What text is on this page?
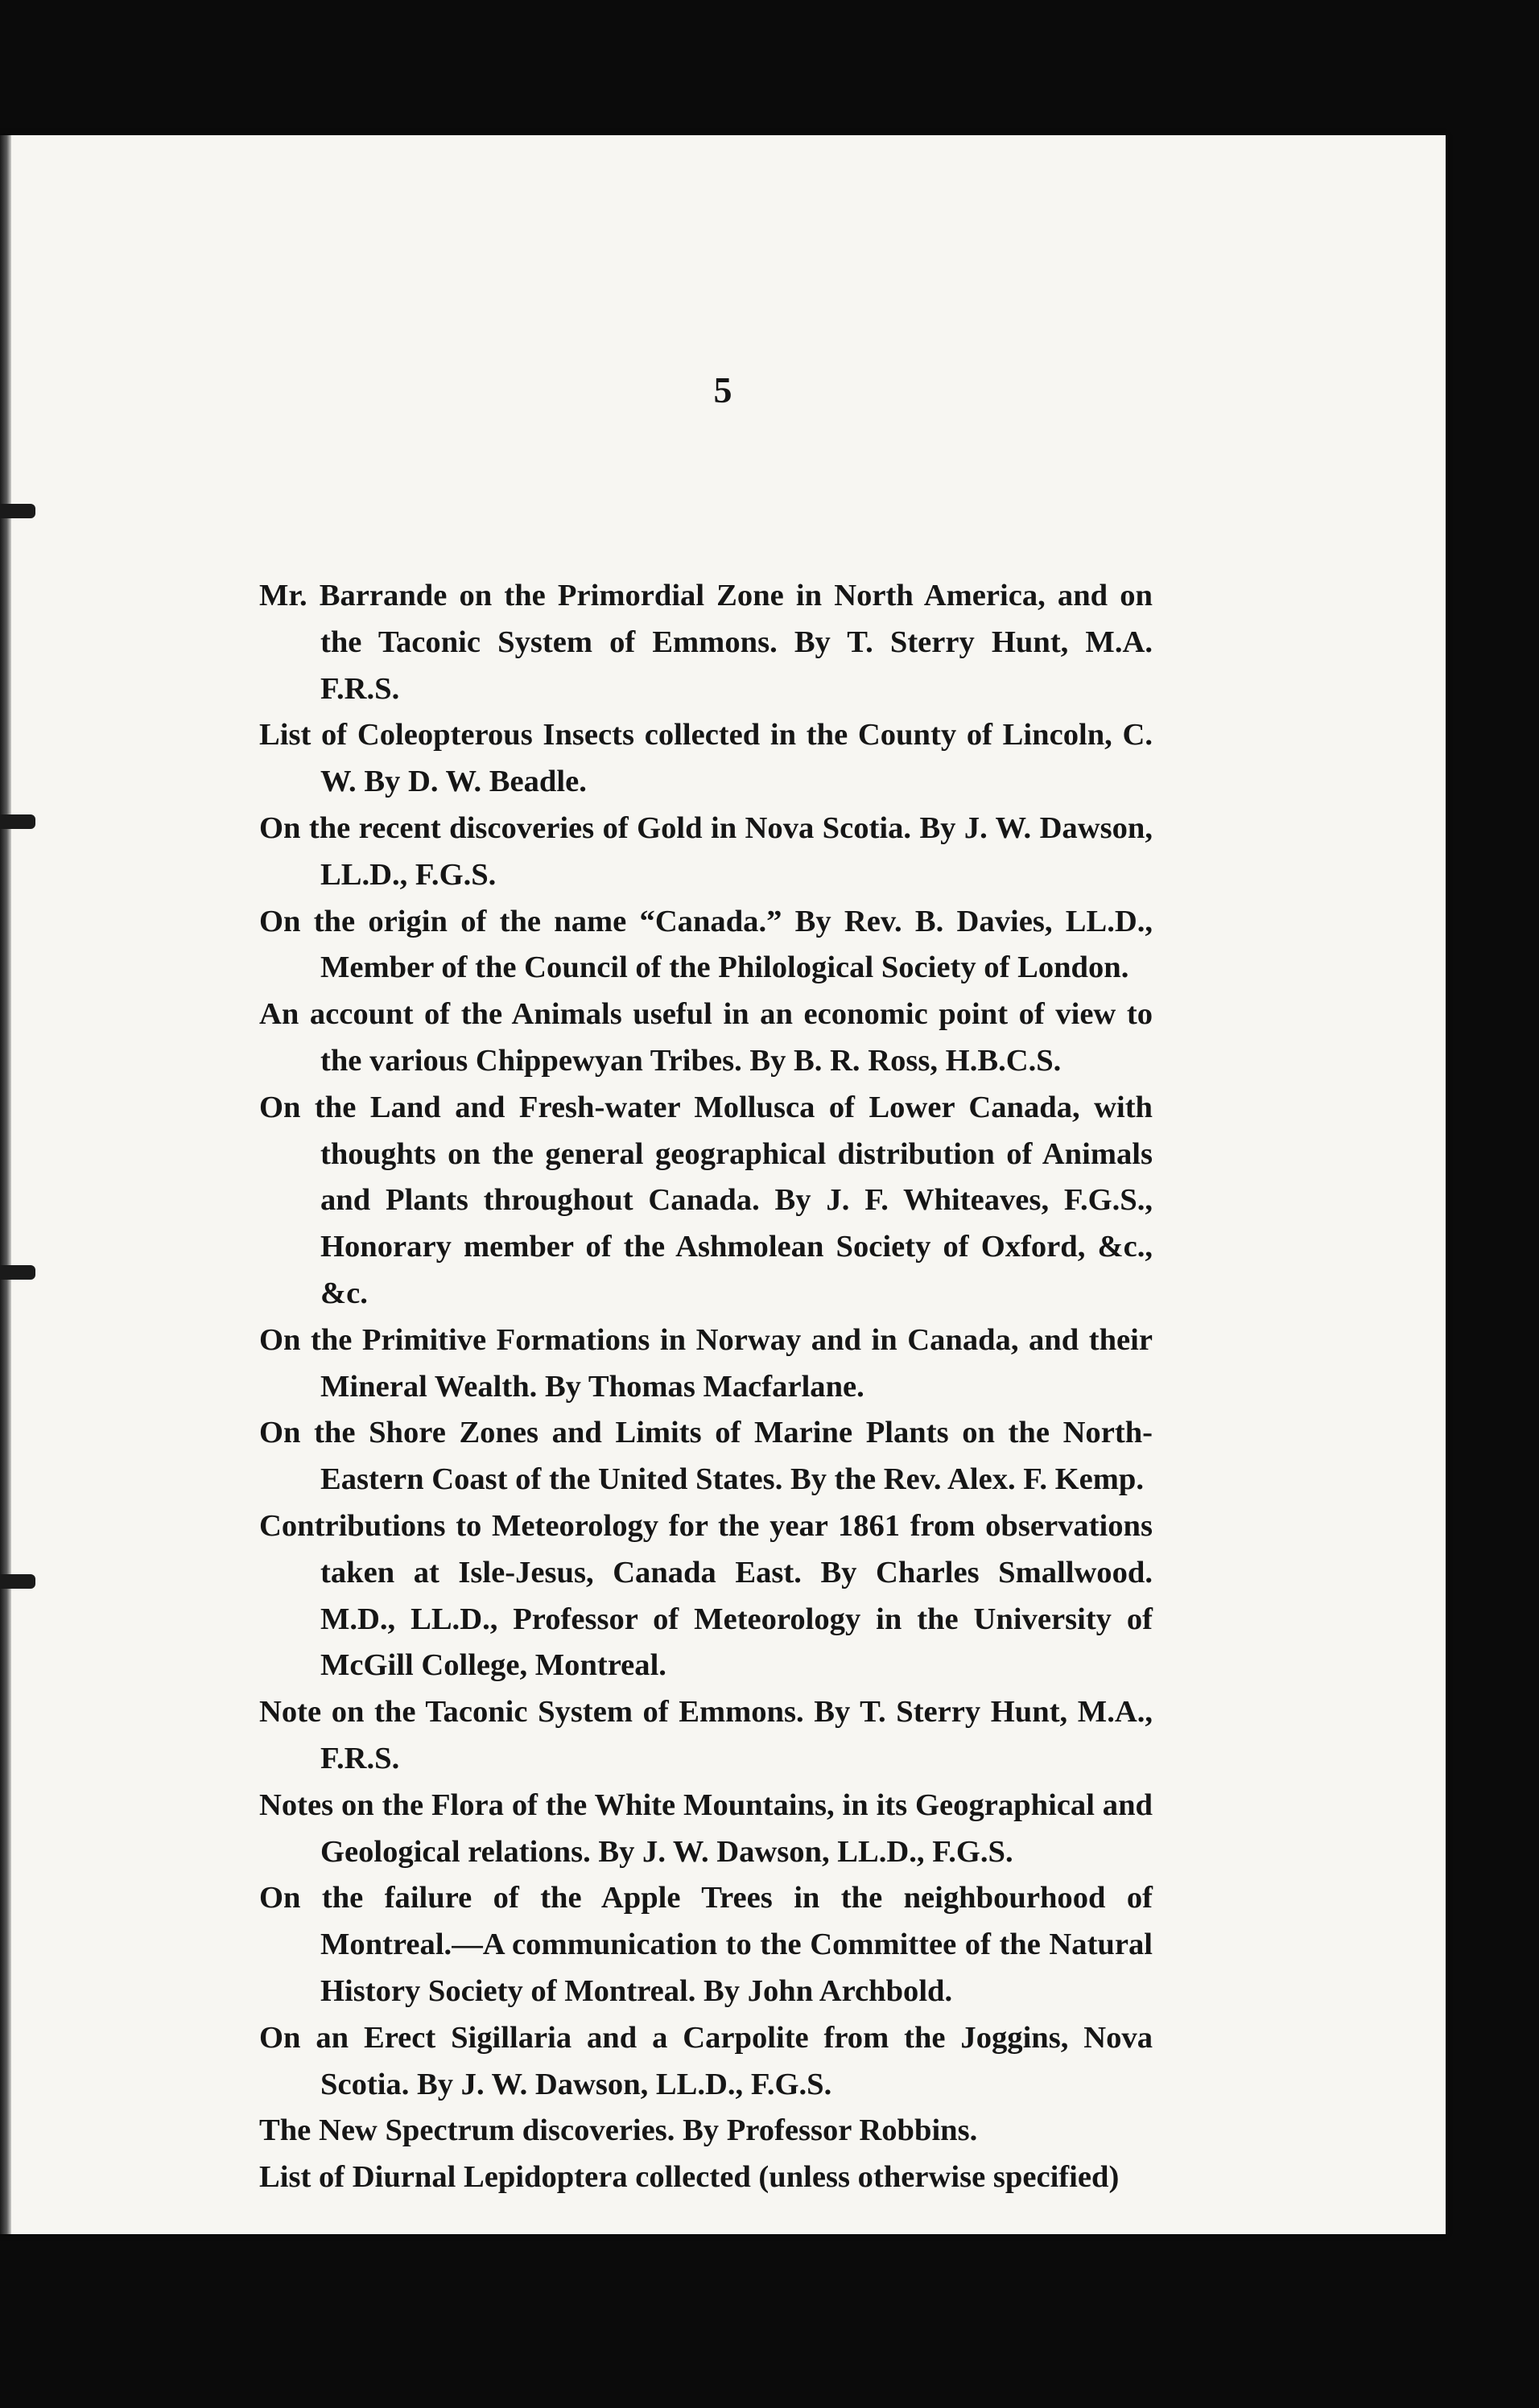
5

Mr. Barrande on the Primordial Zone in North America, and on the Taconic System of Emmons. By T. Sterry Hunt, M.A. F.R.S.
List of Coleopterous Insects collected in the County of Lincoln, C. W. By D. W. Beadle.
On the recent discoveries of Gold in Nova Scotia. By J. W. Dawson, LL.D., F.G.S.
On the origin of the name “Canada.” By Rev. B. Davies, LL.D., Member of the Council of the Philological Society of London.
An account of the Animals useful in an economic point of view to the various Chippewyan Tribes. By B. R. Ross, H.B.C.S.
On the Land and Fresh-water Mollusca of Lower Canada, with thoughts on the general geographical distribution of Animals and Plants throughout Canada. By J. F. Whiteaves, F.G.S., Honorary member of the Ashmolean Society of Oxford, &c., &c.
On the Primitive Formations in Norway and in Canada, and their Mineral Wealth. By Thomas Macfarlane.
On the Shore Zones and Limits of Marine Plants on the North-Eastern Coast of the United States. By the Rev. Alex. F. Kemp.
Contributions to Meteorology for the year 1861 from observations taken at Isle-Jesus, Canada East. By Charles Smallwood. M.D., LL.D., Professor of Meteorology in the University of McGill College, Montreal.
Note on the Taconic System of Emmons. By T. Sterry Hunt, M.A., F.R.S.
Notes on the Flora of the White Mountains, in its Geographical and Geological relations. By J. W. Dawson, LL.D., F.G.S.
On the failure of the Apple Trees in the neighbourhood of Montreal.—A communication to the Committee of the Natural History Society of Montreal. By John Archbold.
On an Erect Sigillaria and a Carpolite from the Joggins, Nova Scotia. By J. W. Dawson, LL.D., F.G.S.
The New Spectrum discoveries. By Professor Robbins.
List of Diurnal Lepidoptera collected (unless otherwise specified)
